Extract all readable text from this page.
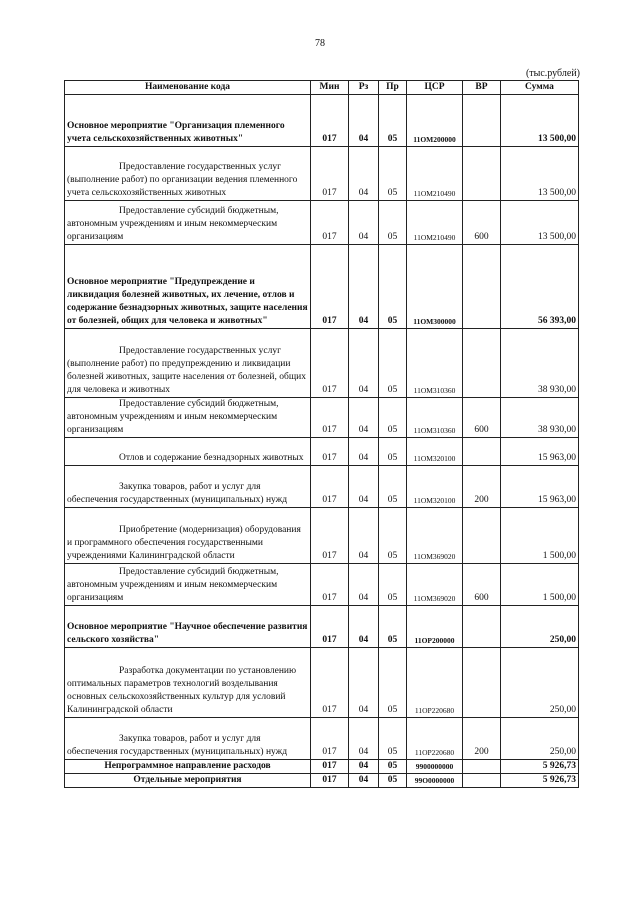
78
(тыс.рублей)
Наименование кода	Мин	Рз	Пр	ЦСР	ВР	Сумма
Основное мероприятие "Организация племенного учета сельскохозяйственных животных"	017	04	05	11ОМ200000		13 500,00
Предоставление государственных услуг (выполнение работ) по организации ведения племенного учета сельскохозяйственных животных	017	04	05	11ОМ210490		13 500,00
Предоставление субсидий бюджетным, автономным учреждениям и иным некоммерческим организациям	017	04	05	11ОМ210490	600	13 500,00
Основное мероприятие "Предупреждение и ликвидация болезней животных, их лечение, отлов и содержание безнадзорных животных, защите населения от болезней, общих для человека и животных"	017	04	05	11ОМ300000		56 393,00
Предоставление государственных услуг (выполнение работ) по предупреждению и ликвидации болезней животных, защите населения от болезней, общих для человека и животных	017	04	05	11ОМ310360		38 930,00
Предоставление субсидий бюджетным, автономным учреждениям и иным некоммерческим организациям	017	04	05	11ОМ310360	600	38 930,00
Отлов и содержание безнадзорных животных	017	04	05	11ОМ320100		15 963,00
Закупка товаров, работ и услуг для обеспечения государственных (муниципальных) нужд	017	04	05	11ОМ320100	200	15 963,00
Приобретение (модернизация) оборудования и программного обеспечения государственными учреждениями Калининградской области	017	04	05	11ОМ369020		1 500,00
Предоставление субсидий бюджетным, автономным учреждениям и иным некоммерческим организациям	017	04	05	11ОМ369020	600	1 500,00
Основное мероприятие "Научное обеспечение развития сельского хозяйства"	017	04	05	11ОР200000		250,00
Разработка документации по установлению оптимальных параметров технологий возделывания основных сельскохозяйственных культур для условий Калининградской области	017	04	05	11ОР220680		250,00
Закупка товаров, работ и услуг для обеспечения государственных (муниципальных) нужд	017	04	05	11ОР220680	200	250,00
Непрограммное направление расходов	017	04	05	9900000000		5 926,73
Отдельные мероприятия	017	04	05	99О0000000		5 926,73
